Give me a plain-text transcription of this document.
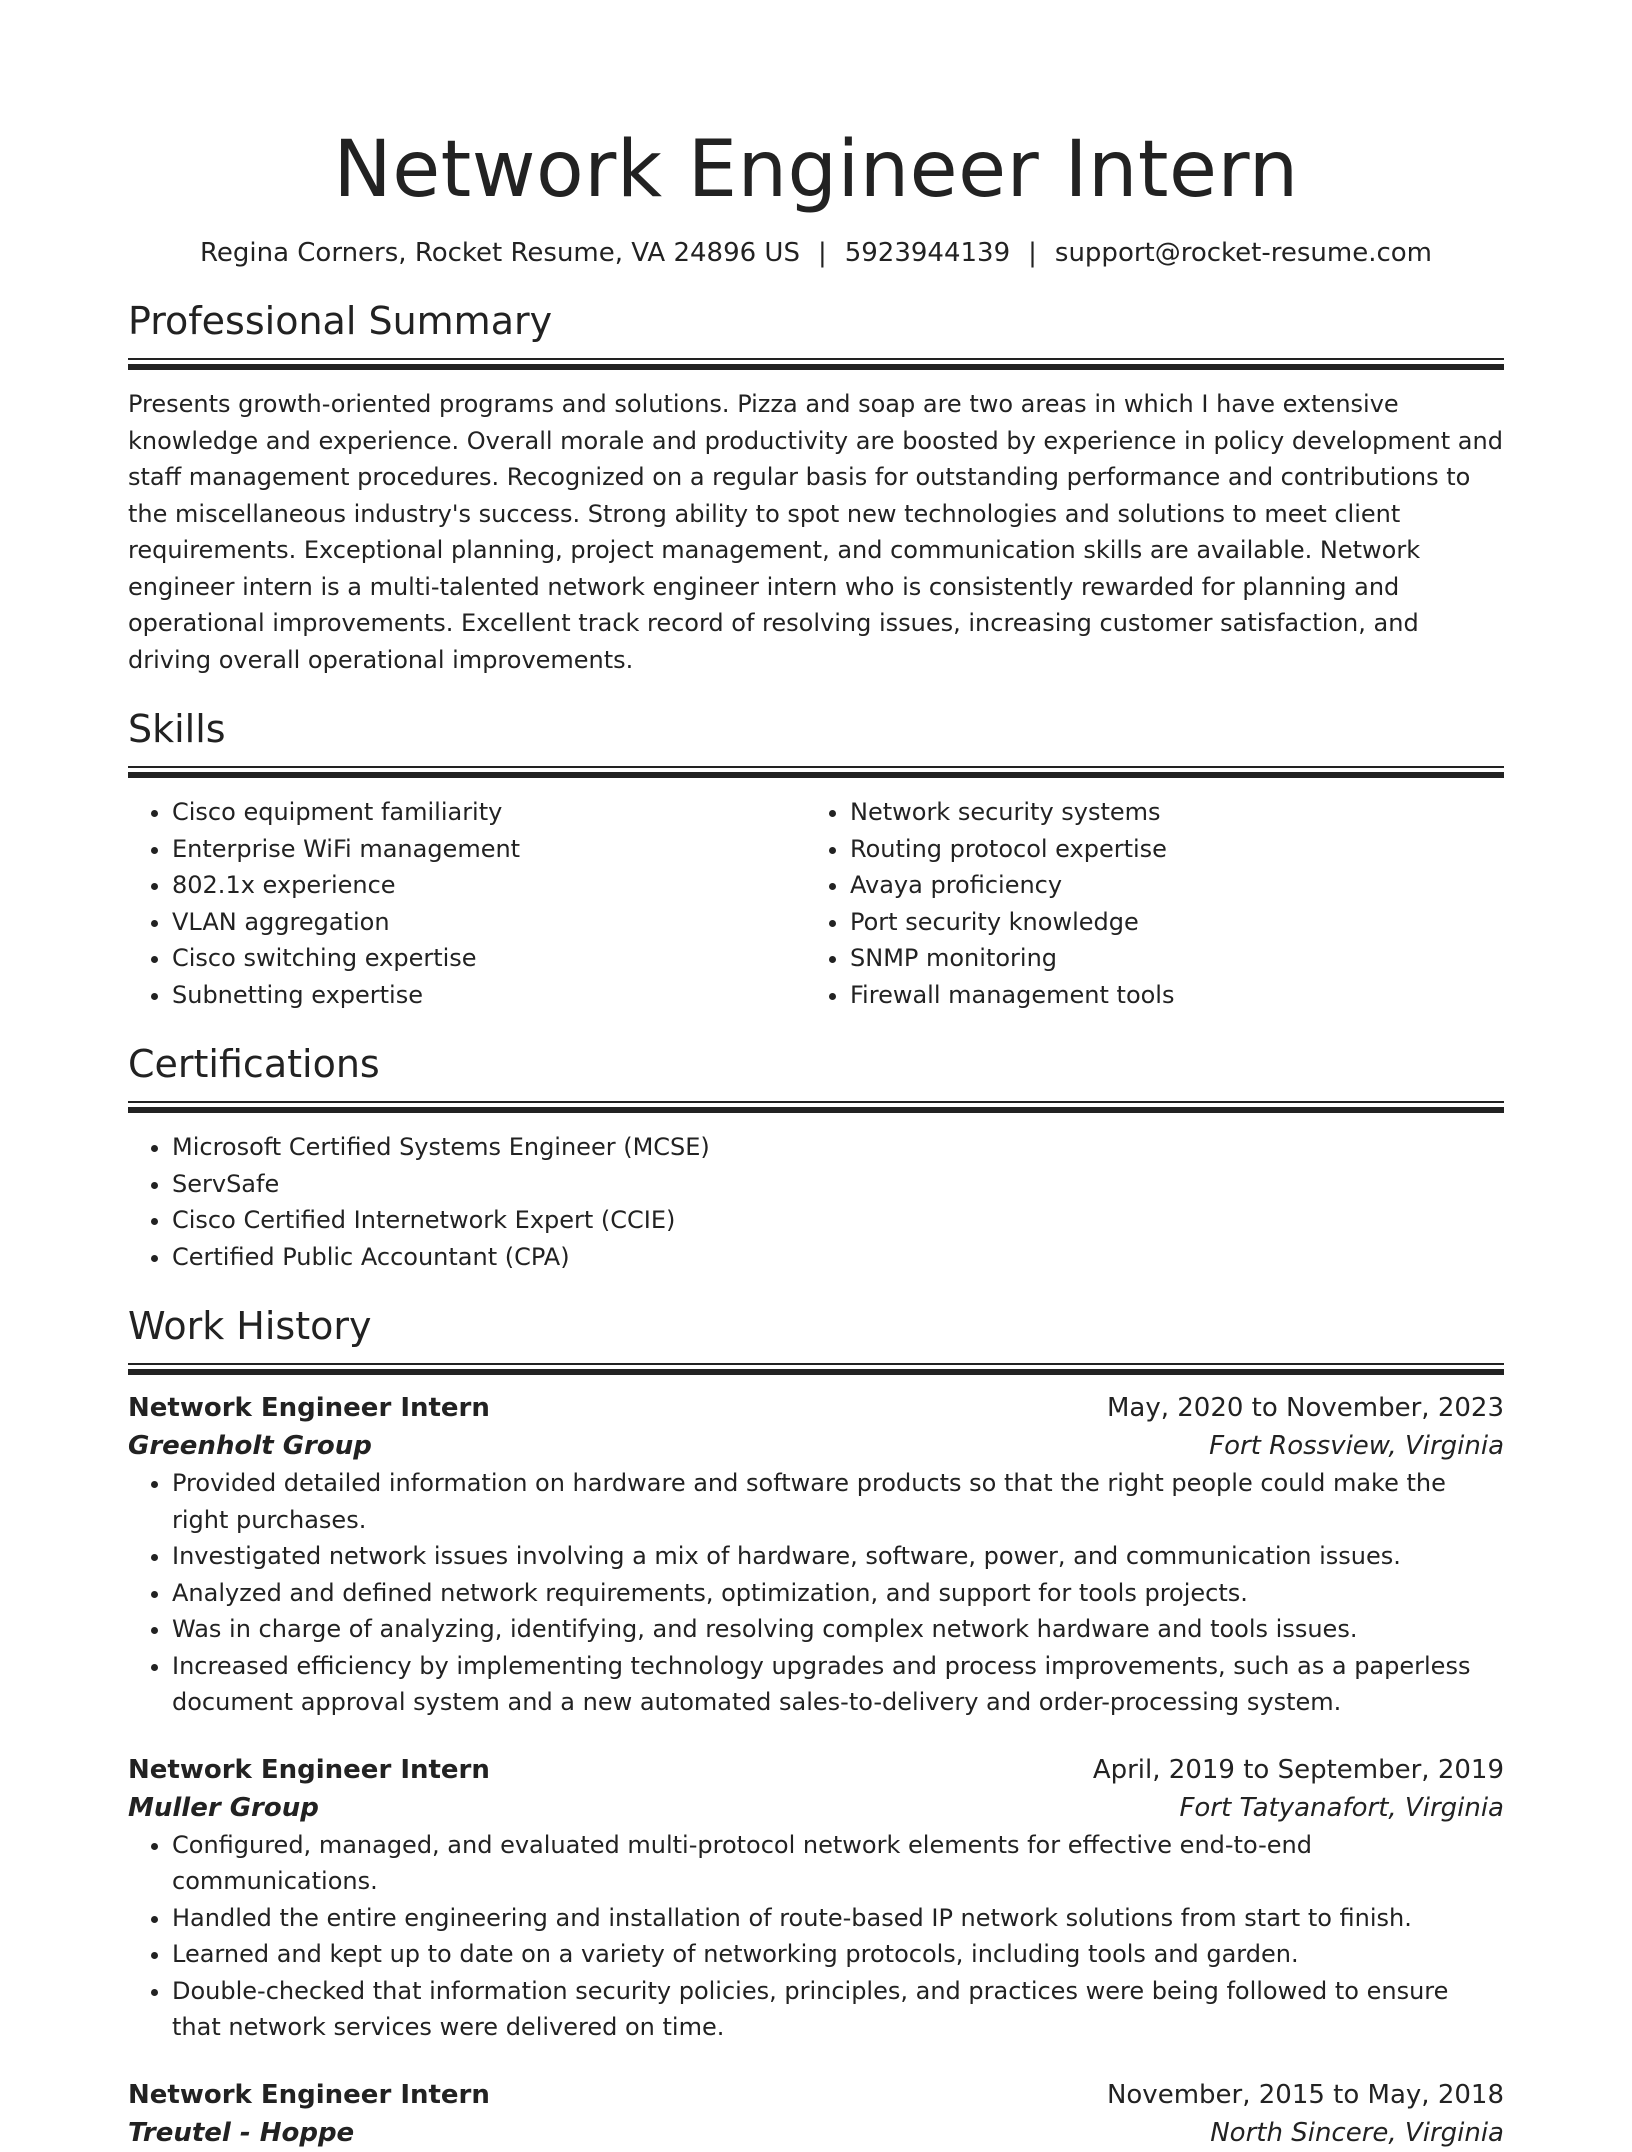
Network Engineer Intern
Regina Corners, Rocket Resume, VA 24896 US | 5923944139 | support@rocket-resume.com
Professional Summary
Presents growth-oriented programs and solutions. Pizza and soap are two areas in which I have extensive knowledge and experience. Overall morale and productivity are boosted by experience in policy development and staff management procedures. Recognized on a regular basis for outstanding performance and contributions to the miscellaneous industry's success. Strong ability to spot new technologies and solutions to meet client requirements. Exceptional planning, project management, and communication skills are available. Network engineer intern is a multi-talented network engineer intern who is consistently rewarded for planning and operational improvements. Excellent track record of resolving issues, increasing customer satisfaction, and driving overall operational improvements.
Skills
• Cisco equipment familiarity
• Enterprise WiFi management
• 802.1x experience
• VLAN aggregation
• Cisco switching expertise
• Subnetting expertise
• Network security systems
• Routing protocol expertise
• Avaya proficiency
• Port security knowledge
• SNMP monitoring
• Firewall management tools
Certifications
• Microsoft Certified Systems Engineer (MCSE)
• ServSafe
• Cisco Certified Internetwork Expert (CCIE)
• Certified Public Accountant (CPA)
Work History
Network Engineer Intern	May, 2020 to November, 2023
Greenholt Group	Fort Rossview, Virginia
• Provided detailed information on hardware and software products so that the right people could make the right purchases.
• Investigated network issues involving a mix of hardware, software, power, and communication issues.
• Analyzed and defined network requirements, optimization, and support for tools projects.
• Was in charge of analyzing, identifying, and resolving complex network hardware and tools issues.
• Increased efficiency by implementing technology upgrades and process improvements, such as a paperless document approval system and a new automated sales-to-delivery and order-processing system.
Network Engineer Intern	April, 2019 to September, 2019
Muller Group	Fort Tatyanafort, Virginia
• Configured, managed, and evaluated multi-protocol network elements for effective end-to-end communications.
• Handled the entire engineering and installation of route-based IP network solutions from start to finish.
• Learned and kept up to date on a variety of networking protocols, including tools and garden.
• Double-checked that information security policies, principles, and practices were being followed to ensure that network services were delivered on time.
Network Engineer Intern	November, 2015 to May, 2018
Treutel - Hoppe	North Sincere, Virginia
